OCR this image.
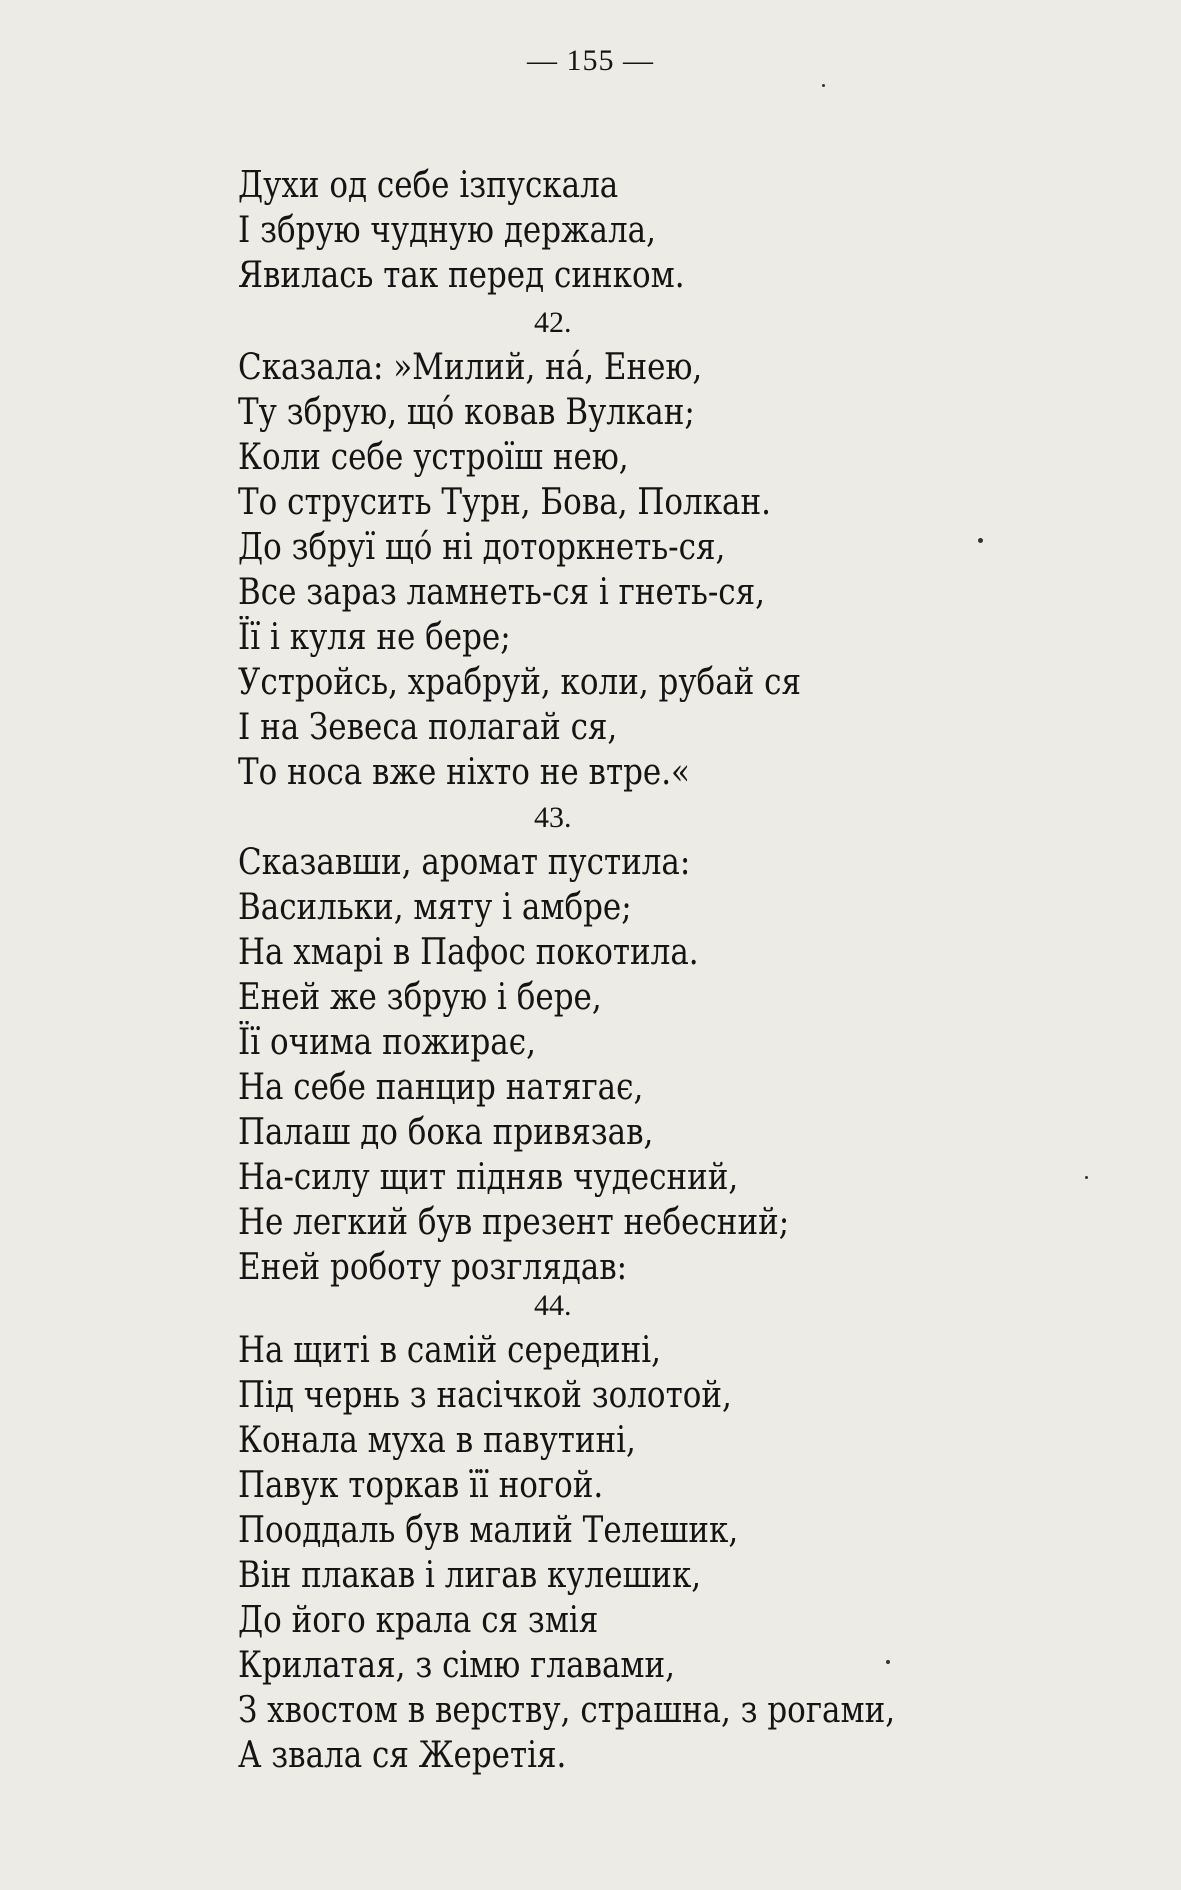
— 155 —
Духи од себе ізпускала
І збрую чудную держала,
Явилась так перед синком.
42.
Сказала: »Милий, на́, Енею,
Ту збрую, що́ ковав Вулкан;
Коли себе устроїш нею,
То струсить Турн, Бова, Полкан.
До збруї що́ ні доторкнеть-ся,
Все зараз ламнеть-ся і гнеть-ся,
Її і куля не бере;
Устройсь, храбруй, коли, рубай ся
І на Зевеса полагай ся,
То носа вже ніхто не втре.«
43.
Сказавши, аромат пустила:
Васильки, мяту і амбре;
На хмарі в Пафос покотила.
Еней же збрую і бере,
Її очима пожирає,
На себе панцир натягає,
Палаш до бока привязав,
На-силу щит підняв чудесний,
Не легкий був презент небесний;
Еней роботу розглядав:
44.
На щиті в самій середині,
Під чернь з насічкой золотой,
Конала муха в павутині,
Павук торкав її ногой.
Пооддаль був малий Телешик,
Він плакав і лигав кулешик,
До його крала ся змія
Крилатая, з сімю главами,
З хвостом в верству, страшна, з рогами,
А звала ся Жеретія.
